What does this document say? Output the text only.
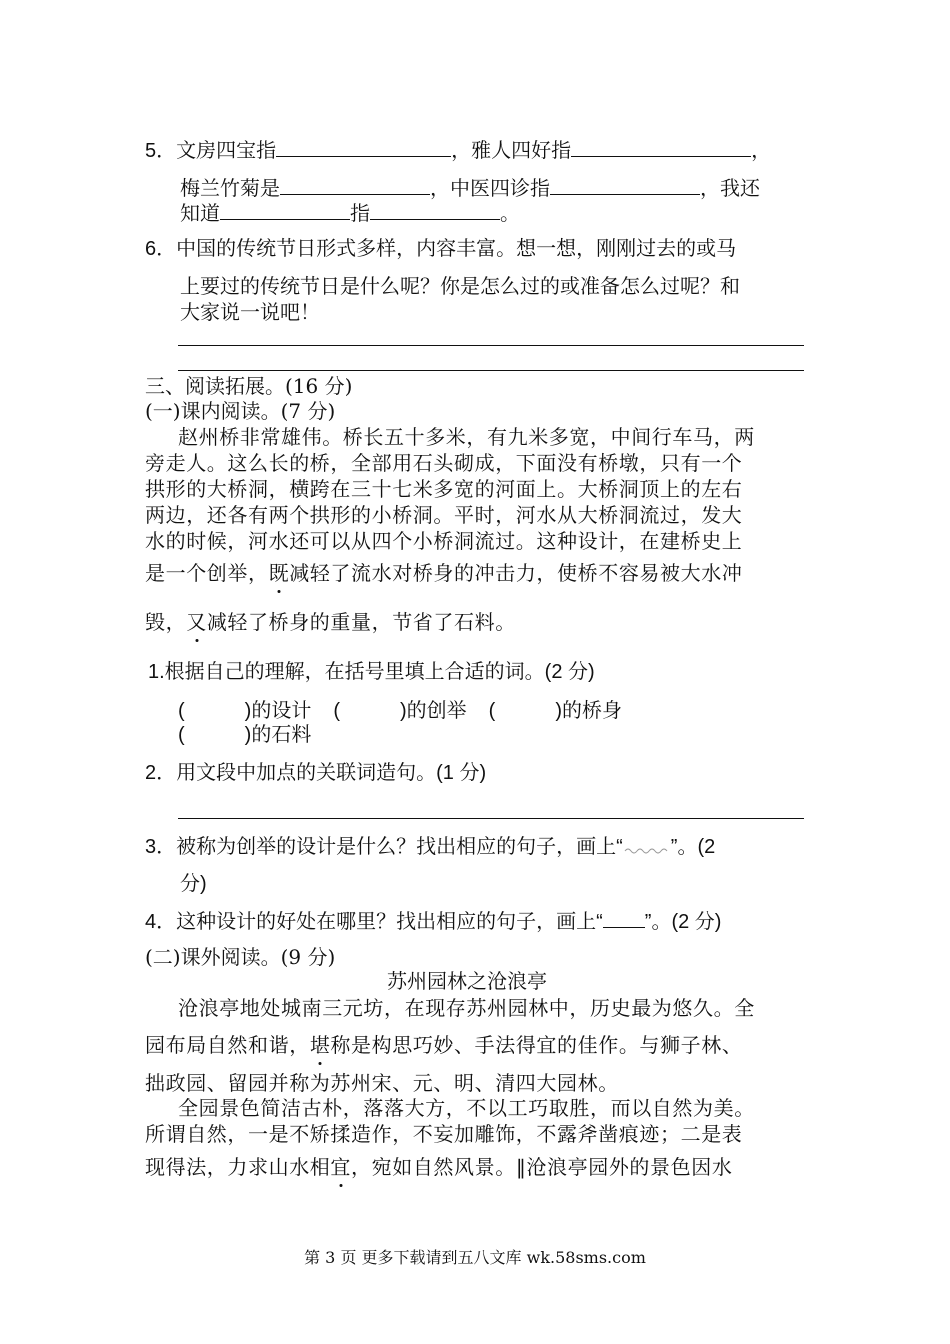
5．文房四宝指	，雅人四好指	，
梅兰竹菊是	，中医四诊指	，我还
知道	指	。
6．中国的传统节日形式多样，内容丰富。想一想，刚刚过去的或马
上要过的传统节日是什么呢？你是怎么过的或准备怎么过呢？和
大家说一说吧！
三、阅读拓展。(16 分)
(一)课内阅读。(7 分)
赵州桥非常雄伟。桥长五十多米，有九米多宽，中间行车马，两
旁走人。这么长的桥，全部用石头砌成，下面没有桥墩，只有一个
拱形的大桥洞，横跨在三十七米多宽的河面上。大桥洞顶上的左右
两边，还各有两个拱形的小桥洞。平时，河水从大桥洞流过，发大
水的时候，河水还可以从四个小桥洞流过。这种设计，在建桥史上
是一个创举，既减轻了流水对桥身的冲击力，使桥不容易被大水冲
毁，又减轻了桥身的重量，节省了石料。
1.根据自己的理解，在括号里填上合适的词。(2 分)
(　　　)的设计 (　　　)的创举 (　　　)的桥身
(　　　)的石料
2．用文段中加点的关联词造句。(1 分)
3．被称为创举的设计是什么？找出相应的句子，画上“ ”。(2
分)
4．这种设计的好处在哪里？找出相应的句子，画上“ ”。(2 分)
(二)课外阅读。(9 分)
苏州园林之沧浪亭
沧浪亭地处城南三元坊，在现存苏州园林中，历史最为悠久。全
园布局自然和谐，堪称是构思巧妙、手法得宜的佳作。与狮子林、
拙政园、留园并称为苏州宋、元、明、清四大园林。
全园景色简洁古朴，落落大方，不以工巧取胜，而以自然为美。
所谓自然，一是不矫揉造作，不妄加雕饰，不露斧凿痕迹；二是表
现得法，力求山水相宜，宛如自然风景。‖沧浪亭园外的景色因水
第 3 页 更多下载请到五八文库 wk.58sms.com
